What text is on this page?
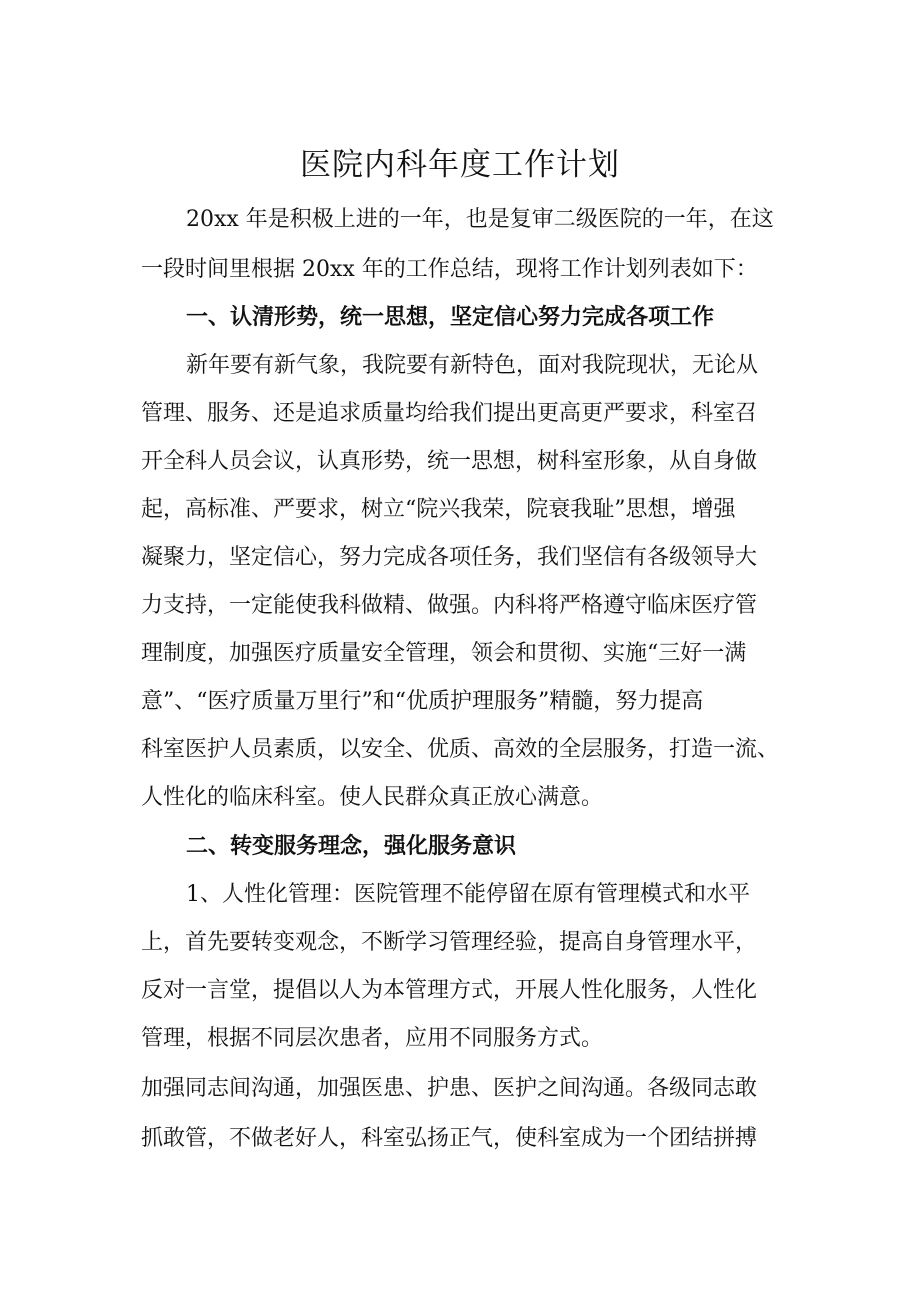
医院内科年度工作计划
20xx 年是积极上进的一年，也是复审二级医院的一年，在这
一段时间里根据 20xx 年的工作总结，现将工作计划列表如下：
一、认清形势，统一思想，坚定信心努力完成各项工作
新年要有新气象，我院要有新特色，面对我院现状，无论从
管理、服务、还是追求质量均给我们提出更高更严要求，科室召
开全科人员会议，认真形势，统一思想，树科室形象，从自身做
起，高标准、严要求，树立“院兴我荣，院衰我耻”思想，增强
凝聚力，坚定信心，努力完成各项任务，我们坚信有各级领导大
力支持，一定能使我科做精、做强。内科将严格遵守临床医疗管
理制度，加强医疗质量安全管理，领会和贯彻、实施“三好一满
意”、“医疗质量万里行”和“优质护理服务”精髓，努力提高
科室医护人员素质，以安全、优质、高效的全层服务，打造一流、
人性化的临床科室。使人民群众真正放心满意。
二、转变服务理念，强化服务意识
1、人性化管理：医院管理不能停留在原有管理模式和水平
上，首先要转变观念，不断学习管理经验，提高自身管理水平，
反对一言堂，提倡以人为本管理方式，开展人性化服务，人性化
管理，根据不同层次患者，应用不同服务方式。
加强同志间沟通，加强医患、护患、医护之间沟通。各级同志敢
抓敢管，不做老好人，科室弘扬正气，使科室成为一个团结拼搏
